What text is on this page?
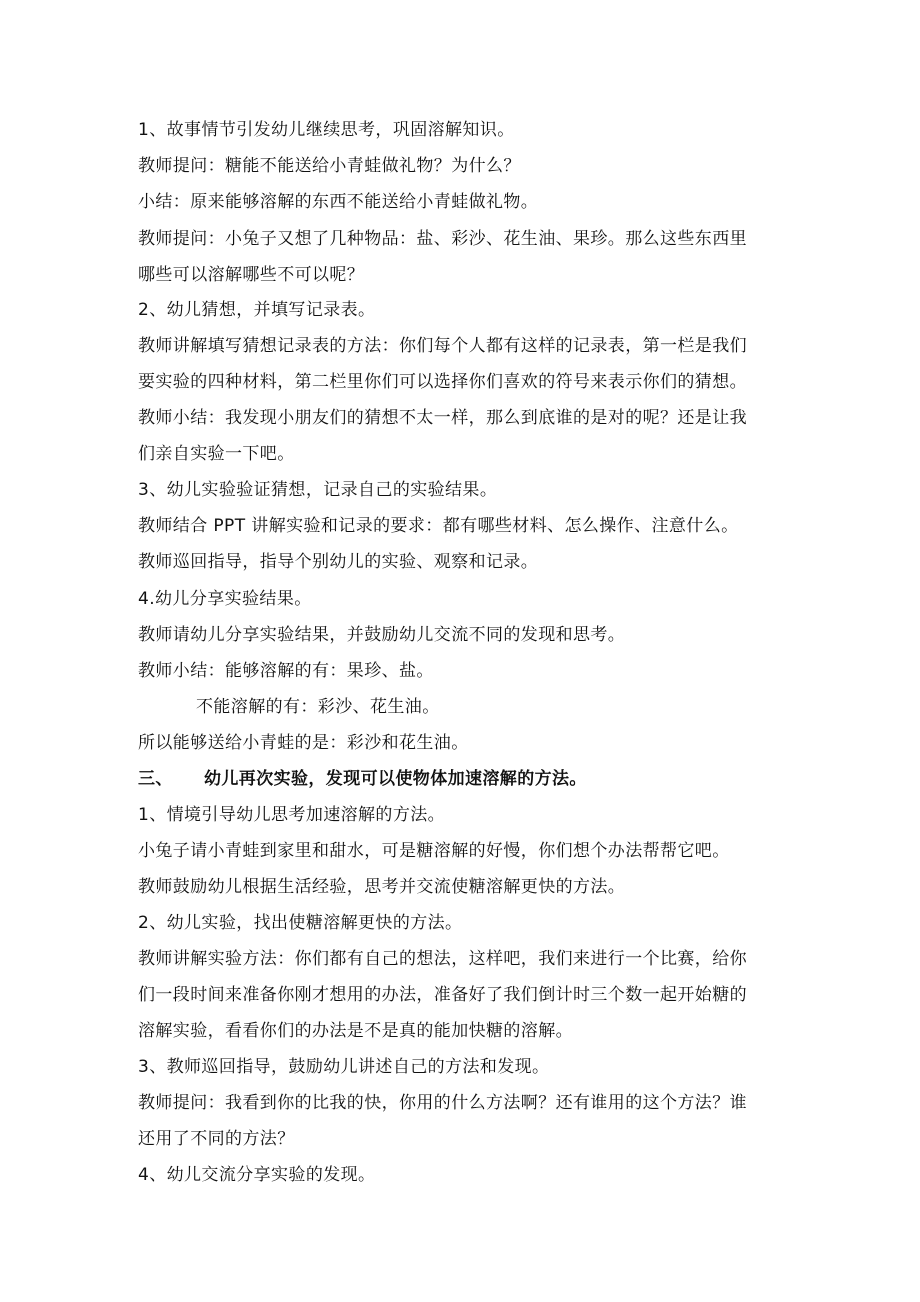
1、故事情节引发幼儿继续思考，巩固溶解知识。
教师提问：糖能不能送给小青蛙做礼物？为什么？
小结：原来能够溶解的东西不能送给小青蛙做礼物。
教师提问：小兔子又想了几种物品：盐、彩沙、花生油、果珍。那么这些东西里
哪些可以溶解哪些不可以呢？
2、幼儿猜想，并填写记录表。
教师讲解填写猜想记录表的方法：你们每个人都有这样的记录表，第一栏是我们
要实验的四种材料，第二栏里你们可以选择你们喜欢的符号来表示你们的猜想。
教师小结：我发现小朋友们的猜想不太一样，那么到底谁的是对的呢？还是让我
们亲自实验一下吧。
3、幼儿实验验证猜想，记录自己的实验结果。
教师结合 PPT 讲解实验和记录的要求：都有哪些材料、怎么操作、注意什么。
教师巡回指导，指导个别幼儿的实验、观察和记录。
4.幼儿分享实验结果。
教师请幼儿分享实验结果，并鼓励幼儿交流不同的发现和思考。
教师小结：能够溶解的有：果珍、盐。
不能溶解的有：彩沙、花生油。
所以能够送给小青蛙的是：彩沙和花生油。
三、 幼儿再次实验，发现可以使物体加速溶解的方法。
1、情境引导幼儿思考加速溶解的方法。
小兔子请小青蛙到家里和甜水，可是糖溶解的好慢，你们想个办法帮帮它吧。
教师鼓励幼儿根据生活经验，思考并交流使糖溶解更快的方法。
2、幼儿实验，找出使糖溶解更快的方法。
教师讲解实验方法：你们都有自己的想法，这样吧，我们来进行一个比赛，给你
们一段时间来准备你刚才想用的办法，准备好了我们倒计时三个数一起开始糖的
溶解实验，看看你们的办法是不是真的能加快糖的溶解。
3、教师巡回指导，鼓励幼儿讲述自己的方法和发现。
教师提问：我看到你的比我的快，你用的什么方法啊？还有谁用的这个方法？谁
还用了不同的方法？
4、幼儿交流分享实验的发现。
